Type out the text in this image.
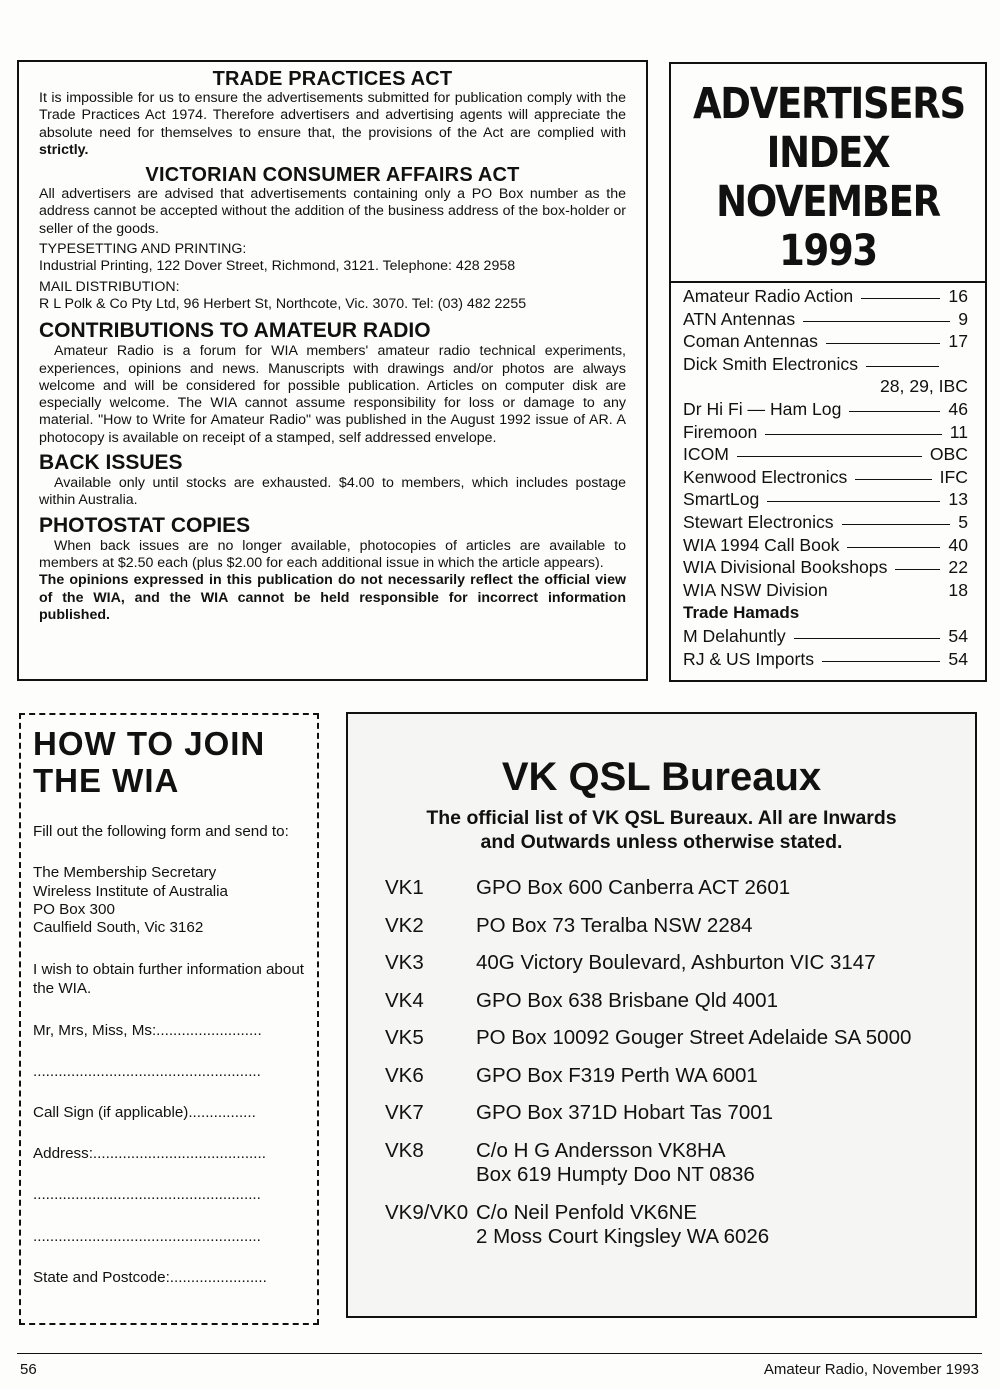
TRADE PRACTICES ACT

It is impossible for us to ensure the advertisements submitted for publication comply with the Trade Practices Act 1974. Therefore advertisers and advertising agents will appreciate the absolute need for themselves to ensure that, the provisions of the Act are complied with strictly.

VICTORIAN CONSUMER AFFAIRS ACT

All advertisers are advised that advertisements containing only a PO Box number as the address cannot be accepted without the addition of the business address of the box-holder or seller of the goods.

TYPESETTING AND PRINTING:
Industrial Printing, 122 Dover Street, Richmond, 3121. Telephone: 428 2958
MAIL DISTRIBUTION:
R L Polk & Co Pty Ltd, 96 Herbert St, Northcote, Vic. 3070. Tel: (03) 482 2255
CONTRIBUTIONS TO AMATEUR RADIO

Amateur Radio is a forum for WIA members' amateur radio technical experiments, experiences, opinions and news. Manuscripts with drawings and/or photos are always welcome and will be considered for possible publication. Articles on computer disk are especially welcome. The WIA cannot assume responsibility for loss or damage to any material. "How to Write for Amateur Radio" was published in the August 1992 issue of AR. A photocopy is available on receipt of a stamped, self addressed envelope.

BACK ISSUES

Available only until stocks are exhausted. $4.00 to members, which includes postage within Australia.

PHOTOSTAT COPIES

When back issues are no longer available, photocopies of articles are available to members at $2.50 each (plus $2.00 for each additional issue in which the article appears).

The opinions expressed in this publication do not necessarily reflect the official view of the WIA, and the WIA cannot be held responsible for incorrect information published.

ADVERTISERS
INDEX
NOVEMBER
1993
Amateur Radio Action	16
ATN Antennas	9
Coman Antennas	17
Dick Smith Electronics
28, 29, IBC
Dr Hi Fi — Ham Log	46
Firemoon	11
ICOM	OBC
Kenwood Electronics	IFC
SmartLog	13
Stewart Electronics	5
WIA 1994 Call Book	40
WIA Divisional Bookshops	22
WIA NSW Division	18
Trade Hamads
M Delahuntly	54
RJ & US Imports	54
HOW TO JOIN
THE WIA
Fill out the following form and send to:
The Membership Secretary
Wireless Institute of Australia
PO Box 300
Caulfield South, Vic 3162
I wish to obtain further information about the WIA.
Mr, Mrs, Miss, Ms:.........................
......................................................
Call Sign (if applicable)................
Address:.........................................
......................................................
......................................................
State and Postcode:.......................
VK QSL Bureaux
The official list of VK QSL Bureaux. All are Inwards
and Outwards unless otherwise stated.
VK1	GPO Box 600 Canberra ACT 2601
VK2	PO Box 73 Teralba NSW 2284
VK3	40G Victory Boulevard, Ashburton VIC 3147
VK4	GPO Box 638 Brisbane Qld 4001
VK5	PO Box 10092 Gouger Street Adelaide SA 5000
VK6	GPO Box F319 Perth WA 6001
VK7	GPO Box 371D Hobart Tas 7001
VK8	C/o H G Andersson VK8HA
Box 619 Humpty Doo NT 0836
VK9/VK0 C/o Neil Penfold VK6NE
2 Moss Court Kingsley WA 6026
56	Amateur Radio, November 1993
